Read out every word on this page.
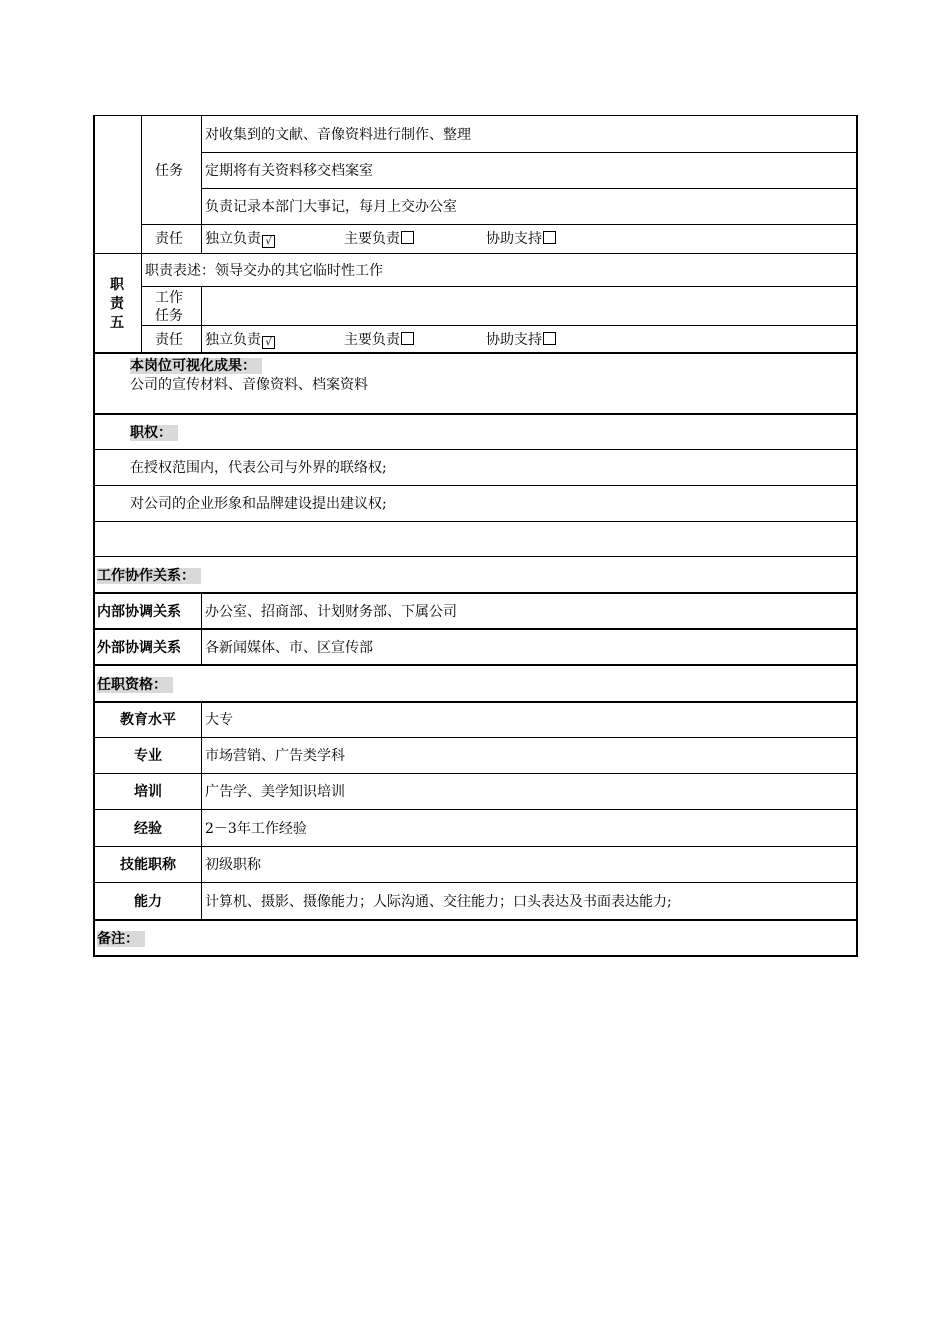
任务
对收集到的文献、音像资料进行制作、整理
定期将有关资料移交档案室
负责记录本部门大事记，每月上交办公室
责任 独立负责 √	主要负责	协助支持
职责五
职责表述：领导交办的其它临时性工作
工作
任务
责任 独立负责 √	主要负责	协助支持
本岗位可视化成果：
公司的宣传材料、音像资料、档案资料
职权：
在授权范围内，代表公司与外界的联络权;
对公司的企业形象和品牌建设提出建议权;
工作协作关系：
内部协调关系 办公室、招商部、计划财务部、下属公司
外部协调关系 各新闻媒体、市、区宣传部
任职资格：
教育水平	大专
专业	市场营销、广告类学科
培训	广告学、美学知识培训
经验	2－3年工作经验
技能职称	初级职称
能力	计算机、摄影、摄像能力；人际沟通、交往能力；口头表达及书面表达能力;
备注：
